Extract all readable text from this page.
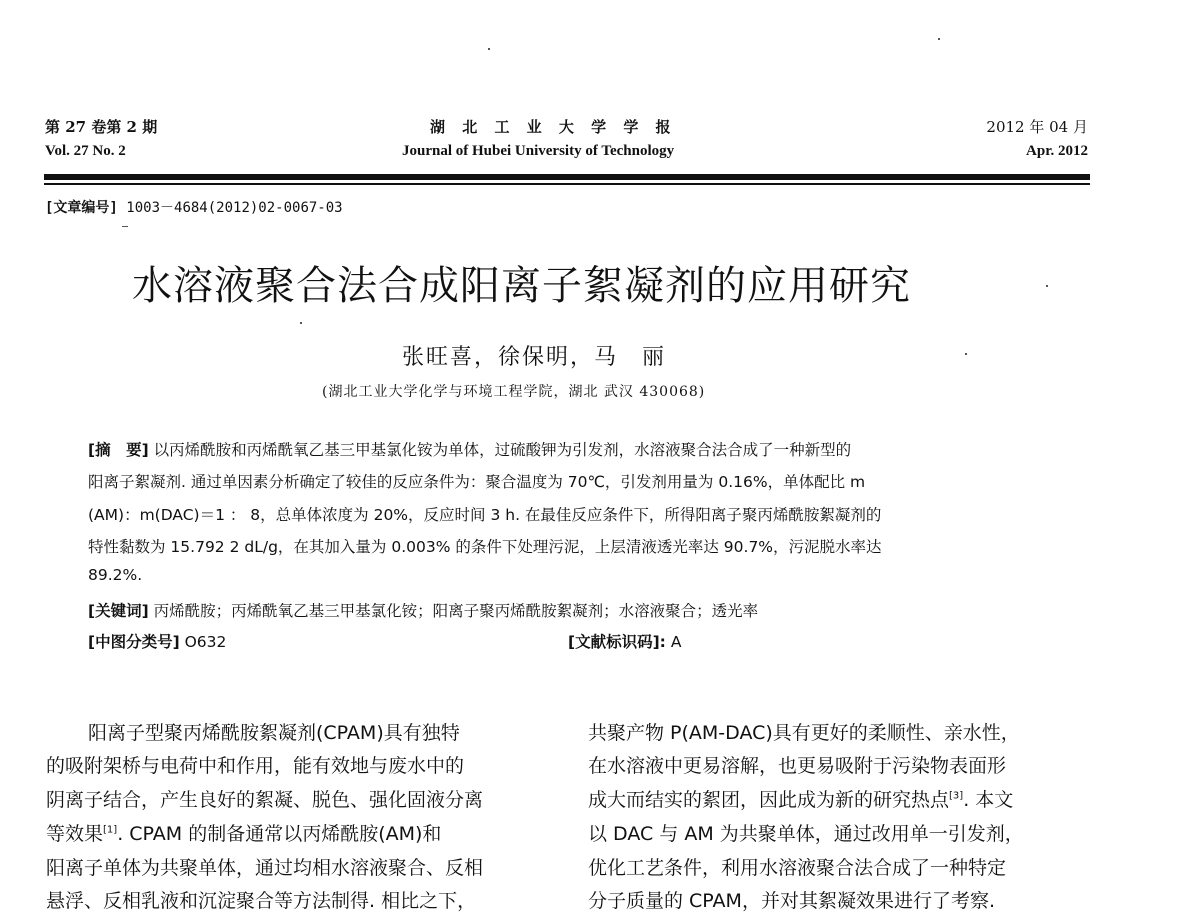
第 27 卷第 2 期
Vol. 27 No. 2
湖 北 工 业 大 学 学 报
Journal of Hubei University of Technology
2012 年 04 月
Apr. 2012
[文章编号] 1003－4684(2012)02-0067-03
水溶液聚合法合成阳离子絮凝剂的应用研究
张旺喜，徐保明，马　丽
(湖北工业大学化学与环境工程学院，湖北 武汉 430068)
[摘　要] 以丙烯酰胺和丙烯酰氧乙基三甲基氯化铵为单体，过硫酸钾为引发剂，水溶液聚合法合成了一种新型的
阳离子絮凝剂. 通过单因素分析确定了较佳的反应条件为：聚合温度为 70℃，引发剂用量为 0.16%，单体配比 m
(AM)：m(DAC)＝1 ： 8，总单体浓度为 20%，反应时间 3 h. 在最佳反应条件下，所得阳离子聚丙烯酰胺絮凝剂的
特性黏数为 15.792 2 dL/g，在其加入量为 0.003% 的条件下处理污泥，上层清液透光率达 90.7%，污泥脱水率达
89.2%.
[关键词] 丙烯酰胺；丙烯酰氧乙基三甲基氯化铵；阳离子聚丙烯酰胺絮凝剂；水溶液聚合；透光率
[中图分类号] O632	[文献标识码]: A
阳离子型聚丙烯酰胺絮凝剂(CPAM)具有独特
的吸附架桥与电荷中和作用，能有效地与废水中的
阴离子结合，产生良好的絮凝、脱色、强化固液分离
等效果[1]. CPAM 的制备通常以丙烯酰胺(AM)和
阳离子单体为共聚单体，通过均相水溶液聚合、反相
悬浮、反相乳液和沉淀聚合等方法制得. 相比之下，
共聚产物 P(AM-DAC)具有更好的柔顺性、亲水性，
在水溶液中更易溶解，也更易吸附于污染物表面形
成大而结实的絮团，因此成为新的研究热点[3]. 本文
以 DAC 与 AM 为共聚单体，通过改用单一引发剂，
优化工艺条件，利用水溶液聚合法合成了一种特定
分子质量的 CPAM，并对其絮凝效果进行了考察.
